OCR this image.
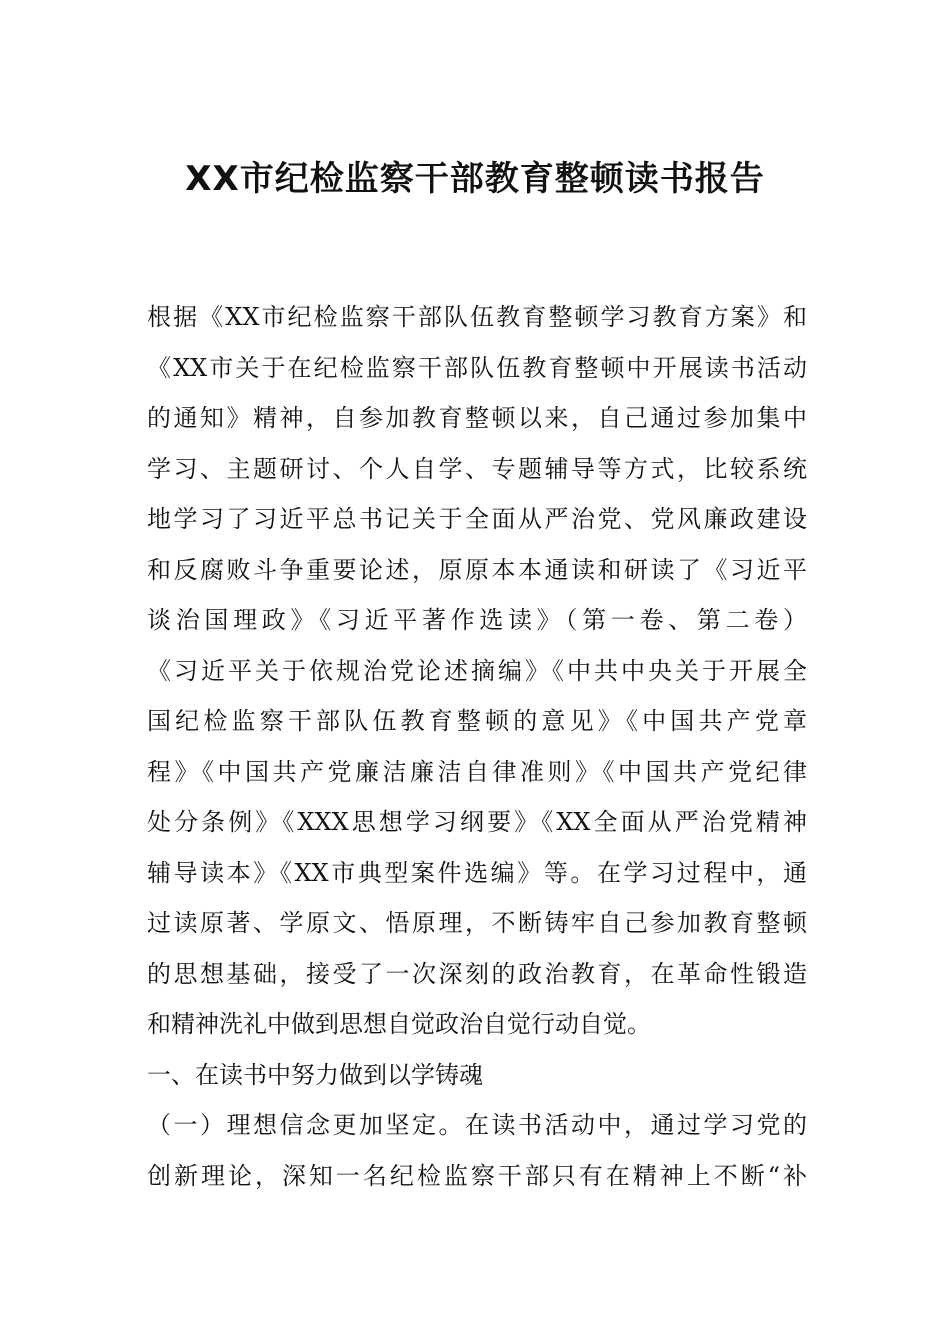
XX市纪检监察干部教育整顿读书报告
根据《XX市纪检监察干部队伍教育整顿学习教育方案》和
《XX市关于在纪检监察干部队伍教育整顿中开展读书活动
的通知》精神，自参加教育整顿以来，自己通过参加集中
学习、主题研讨、个人自学、专题辅导等方式，比较系统
地学习了习近平总书记关于全面从严治党、党风廉政建设
和反腐败斗争重要论述，原原本本通读和研读了《习近平
谈治国理政》《习近平著作选读》（第一卷、第二卷）
《习近平关于依规治党论述摘编》《中共中央关于开展全
国纪检监察干部队伍教育整顿的意见》《中国共产党章
程》《中国共产党廉洁廉洁自律准则》《中国共产党纪律
处分条例》《XXX思想学习纲要》《XX全面从严治党精神
辅导读本》《XX市典型案件选编》等。在学习过程中，通
过读原著、学原文、悟原理，不断铸牢自己参加教育整顿
的思想基础，接受了一次深刻的政治教育，在革命性锻造
和精神洗礼中做到思想自觉政治自觉行动自觉。
一、在读书中努力做到以学铸魂
（一）理想信念更加坚定。在读书活动中，通过学习党的
创新理论，深知一名纪检监察干部只有在精神上不断“补
